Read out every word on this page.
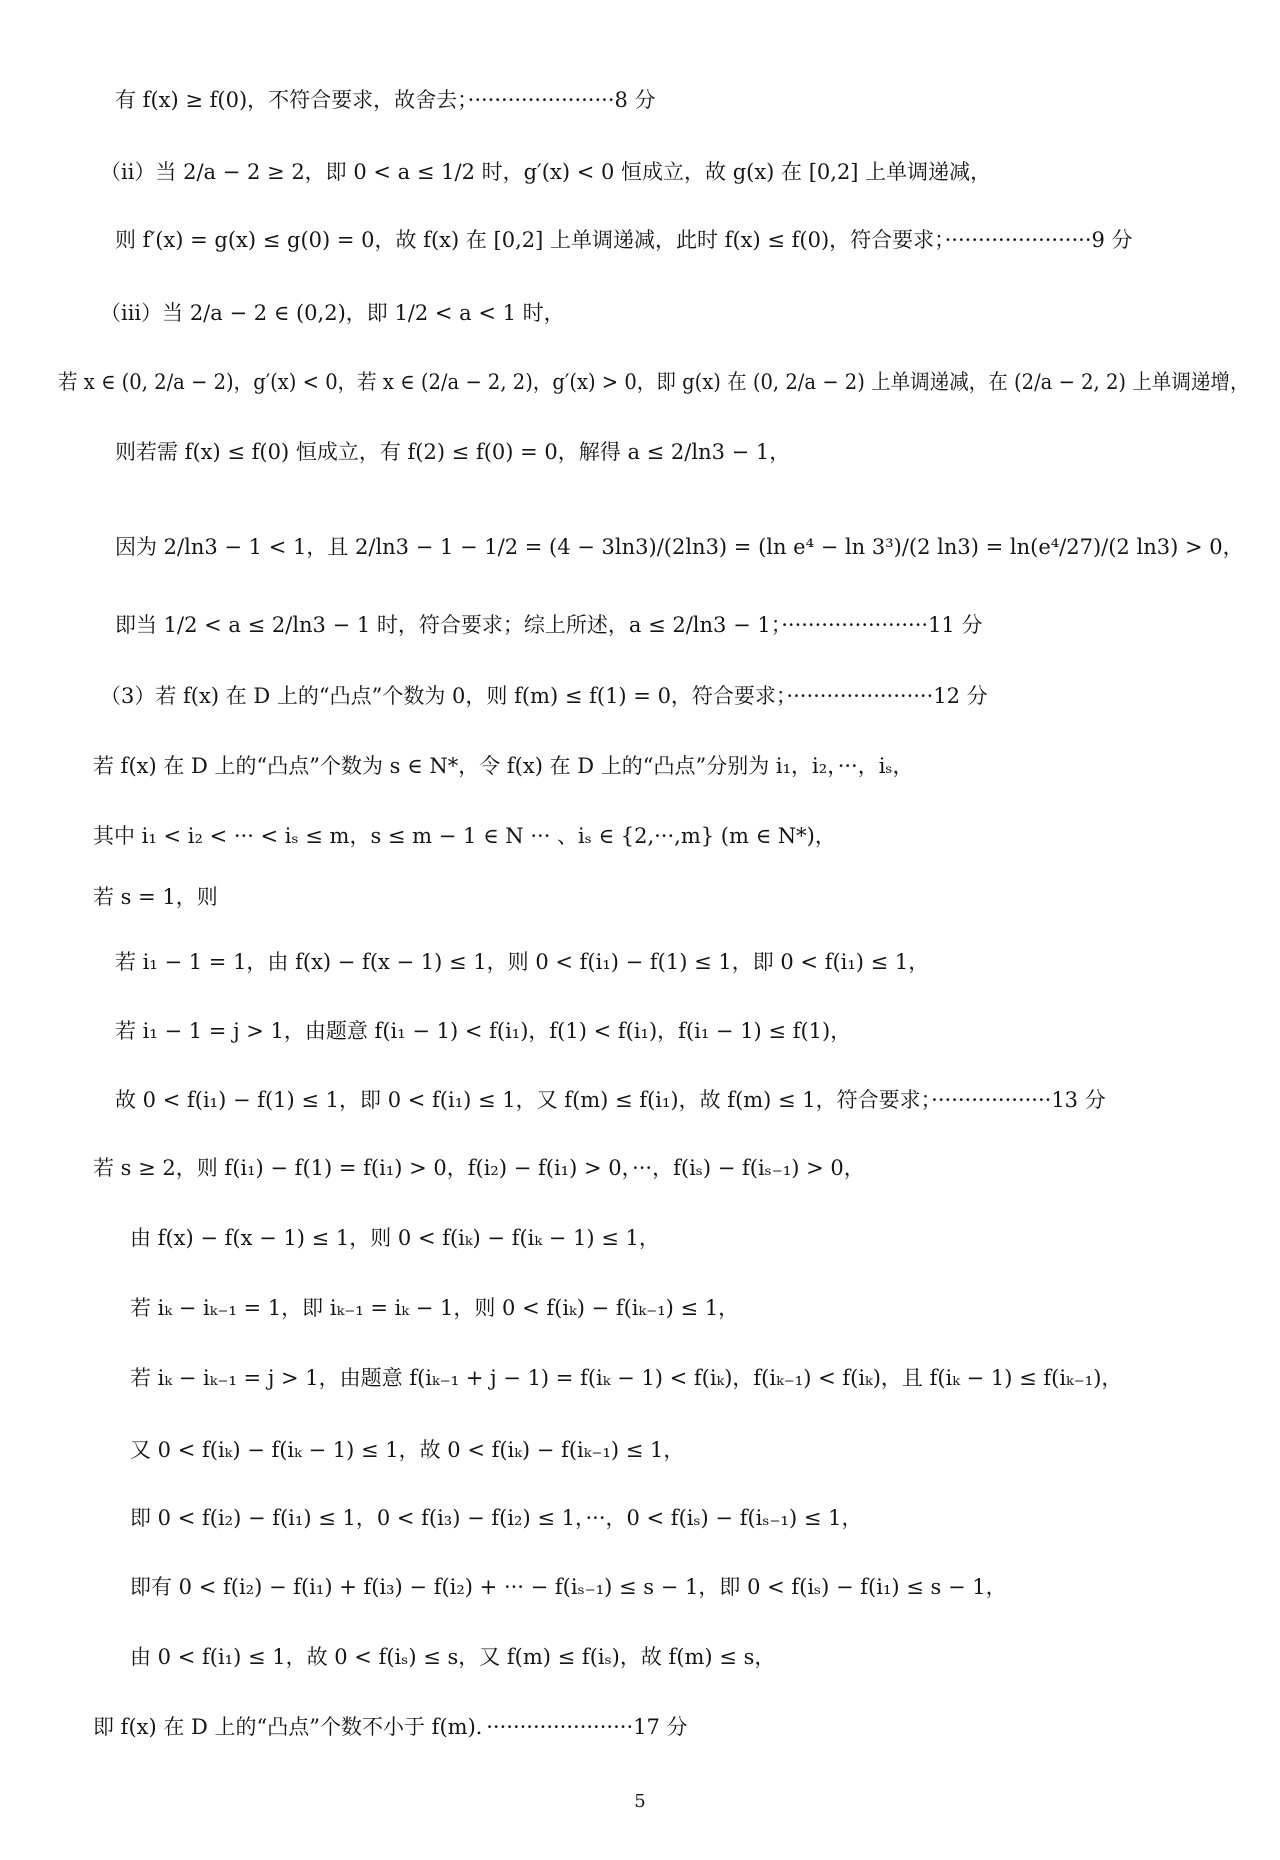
有 f(x) ≥ f(0)，不符合要求，故舍去；······················8 分
（ii）当 2/a − 2 ≥ 2，即 0 < a ≤ 1/2 时，g′(x) < 0 恒成立，故 g(x) 在 [0,2] 上单调递减，
则 f′(x) = g(x) ≤ g(0) = 0，故 f(x) 在 [0,2] 上单调递减，此时 f(x) ≤ f(0)，符合要求；······················9 分
（iii）当 2/a − 2 ∈ (0,2)，即 1/2 < a < 1 时，
若 x ∈ (0, 2/a − 2)，g′(x) < 0，若 x ∈ (2/a − 2, 2)，g′(x) > 0，即 g(x) 在 (0, 2/a − 2) 上单调递减，在 (2/a − 2, 2) 上单调递增，
则若需 f(x) ≤ f(0) 恒成立，有 f(2) ≤ f(0) = 0，解得 a ≤ 2/ln3 − 1，
因为 2/ln3 − 1 < 1，且 2/ln3 − 1 − 1/2 = (4 − 3ln3)/(2ln3) = (ln e⁴ − ln 3³)/(2 ln3) = ln(e⁴/27)/(2 ln3) > 0，
即当 1/2 < a ≤ 2/ln3 − 1 时，符合要求；综上所述，a ≤ 2/ln3 − 1；······················11 分
（3）若 f(x) 在 D 上的“凸点”个数为 0，则 f(m) ≤ f(1) = 0，符合要求；······················12 分
若 f(x) 在 D 上的“凸点”个数为 s ∈ N*，令 f(x) 在 D 上的“凸点”分别为 i₁，i₂，···，iₛ，
其中 i₁ < i₂ < ··· < iₛ ≤ m，s ≤ m − 1 ∈ N ··· 、iₛ ∈ {2,···,m} (m ∈ N*)，
若 s = 1，则
若 i₁ − 1 = 1，由 f(x) − f(x − 1) ≤ 1，则 0 < f(i₁) − f(1) ≤ 1，即 0 < f(i₁) ≤ 1，
若 i₁ − 1 = j > 1，由题意 f(i₁ − 1) < f(i₁)，f(1) < f(i₁)，f(i₁ − 1) ≤ f(1)，
故 0 < f(i₁) − f(1) ≤ 1，即 0 < f(i₁) ≤ 1，又 f(m) ≤ f(i₁)，故 f(m) ≤ 1，符合要求；··················13 分
若 s ≥ 2，则 f(i₁) − f(1) = f(i₁) > 0，f(i₂) − f(i₁) > 0，···，f(iₛ) − f(iₛ₋₁) > 0，
由 f(x) − f(x − 1) ≤ 1，则 0 < f(iₖ) − f(iₖ − 1) ≤ 1，
若 iₖ − iₖ₋₁ = 1，即 iₖ₋₁ = iₖ − 1，则 0 < f(iₖ) − f(iₖ₋₁) ≤ 1，
若 iₖ − iₖ₋₁ = j > 1，由题意 f(iₖ₋₁ + j − 1) = f(iₖ − 1) < f(iₖ)，f(iₖ₋₁) < f(iₖ)，且 f(iₖ − 1) ≤ f(iₖ₋₁)，
又 0 < f(iₖ) − f(iₖ − 1) ≤ 1，故 0 < f(iₖ) − f(iₖ₋₁) ≤ 1，
即 0 < f(i₂) − f(i₁) ≤ 1，0 < f(i₃) − f(i₂) ≤ 1，···，0 < f(iₛ) − f(iₛ₋₁) ≤ 1，
即有 0 < f(i₂) − f(i₁) + f(i₃) − f(i₂) + ··· − f(iₛ₋₁) ≤ s − 1，即 0 < f(iₛ) − f(i₁) ≤ s − 1，
由 0 < f(i₁) ≤ 1，故 0 < f(iₛ) ≤ s，又 f(m) ≤ f(iₛ)，故 f(m) ≤ s，
即 f(x) 在 D 上的“凸点”个数不小于 f(m)．······················17 分
5
